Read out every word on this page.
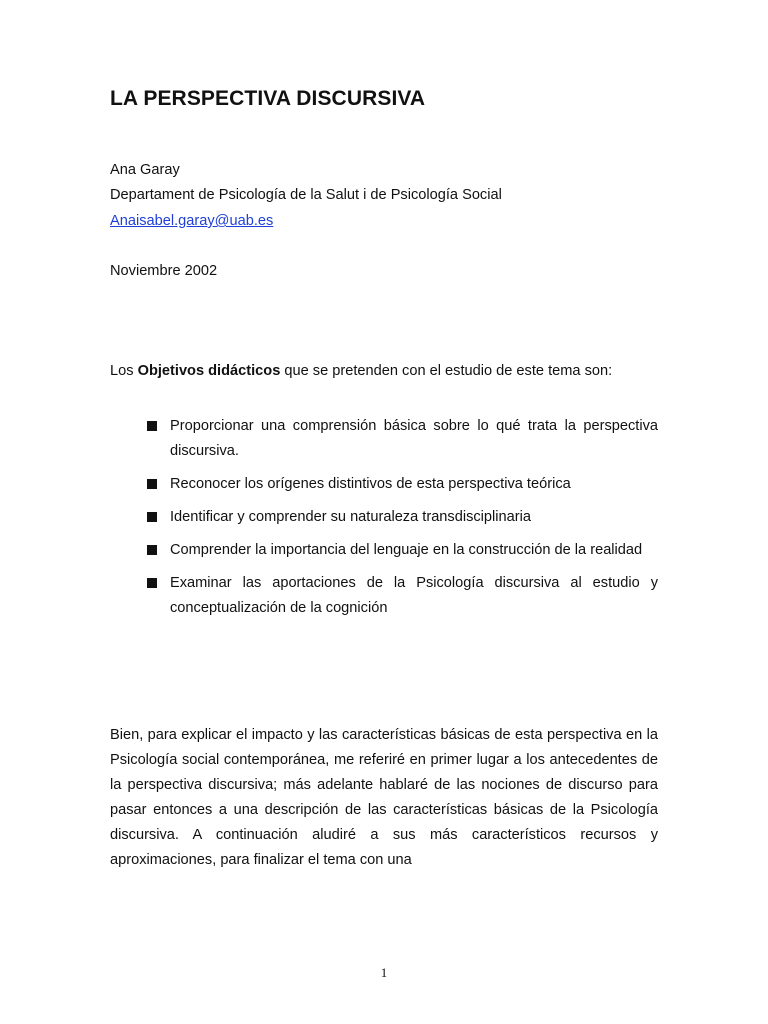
LA PERSPECTIVA DISCURSIVA

Ana Garay

Departament de Psicología de la Salut i de Psicología Social

Anaisabel.garay@uab.es

Noviembre 2002

Los Objetivos didácticos que se pretenden con el estudio de este tema son:

Proporcionar una comprensión básica sobre lo qué trata la perspectiva discursiva.
Reconocer los orígenes distintivos de esta perspectiva teórica
Identificar y comprender su naturaleza transdisciplinaria
Comprender la importancia del lenguaje en la construcción de la realidad
Examinar las aportaciones de la Psicología discursiva al estudio y conceptualización de la cognición

Bien, para explicar el impacto y las características básicas de esta perspectiva en la Psicología social contemporánea, me referiré en primer lugar a los antecedentes de la perspectiva discursiva; más adelante hablaré de las nociones de discurso para pasar entonces a una descripción de las características básicas de la Psicología discursiva. A continuación aludiré a sus más característicos recursos y aproximaciones, para finalizar el tema con una

1
